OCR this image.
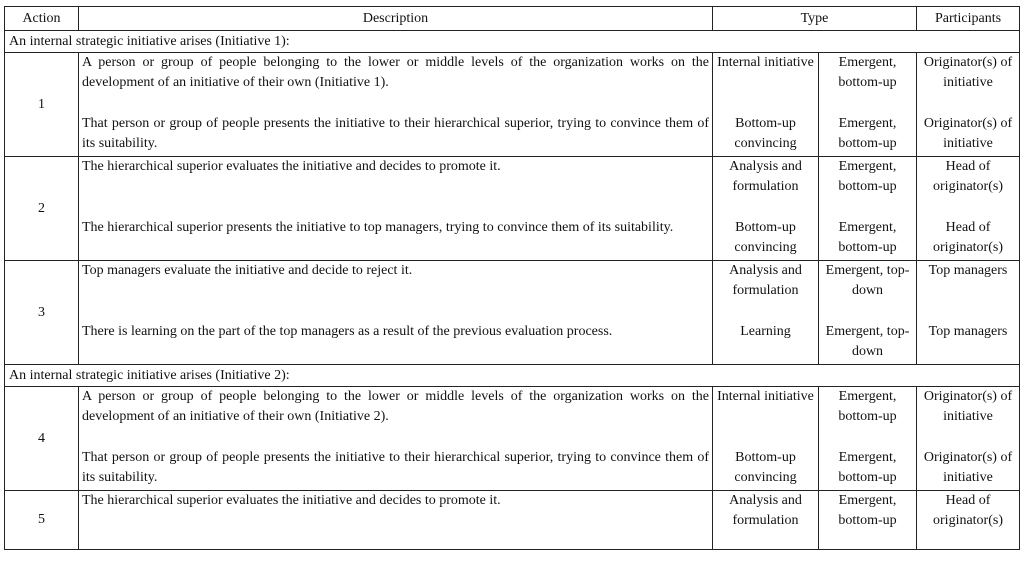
Action	Description	Type		Participants
An internal strategic initiative arises (Initiative 1):				
1	A person or group of people belonging to the lower or middle levels of the organization works on the development of an initiative of their own (Initiative 1).	Internal initiative	Emergent, bottom-up	Originator(s) of initiative
	That person or group of people presents the initiative to their hierarchical superior, trying to convince them of its suitability.	Bottom-up convincing	Emergent, bottom-up	Originator(s) of initiative
2	The hierarchical superior evaluates the initiative and decides to promote it.	Analysis and formulation	Emergent, bottom-up	Head of originator(s)
	The hierarchical superior presents the initiative to top managers, trying to convince them of its suitability.	Bottom-up convincing	Emergent, bottom-up	Head of originator(s)
3	Top managers evaluate the initiative and decide to reject it.	Analysis and formulation	Emergent, top-down	Top managers
	There is learning on the part of the top managers as a result of the previous evaluation process.	Learning	Emergent, top-down	Top managers
An internal strategic initiative arises (Initiative 2):				
4	A person or group of people belonging to the lower or middle levels of the organization works on the development of an initiative of their own (Initiative 2).	Internal initiative	Emergent, bottom-up	Originator(s) of initiative
	That person or group of people presents the initiative to their hierarchical superior, trying to convince them of its suitability.	Bottom-up convincing	Emergent, bottom-up	Originator(s) of initiative
5	The hierarchical superior evaluates the initiative and decides to promote it.	Analysis and formulation	Emergent, bottom-up	Head of originator(s)
